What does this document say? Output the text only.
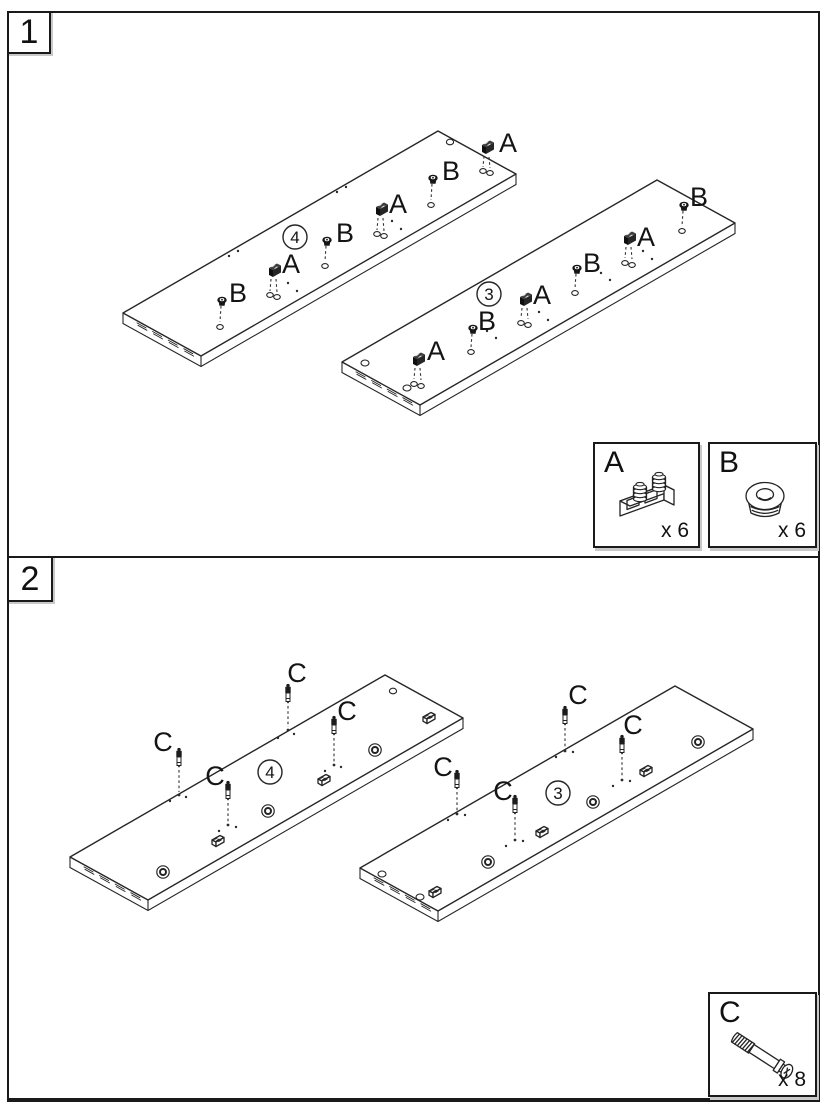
1
2
A
B
A
B
4
A
B
B
A
B
A
3
B
A
C
C
C
C 4
C
C
C
C 3
A
x 6
B
x 6
C
x 8
